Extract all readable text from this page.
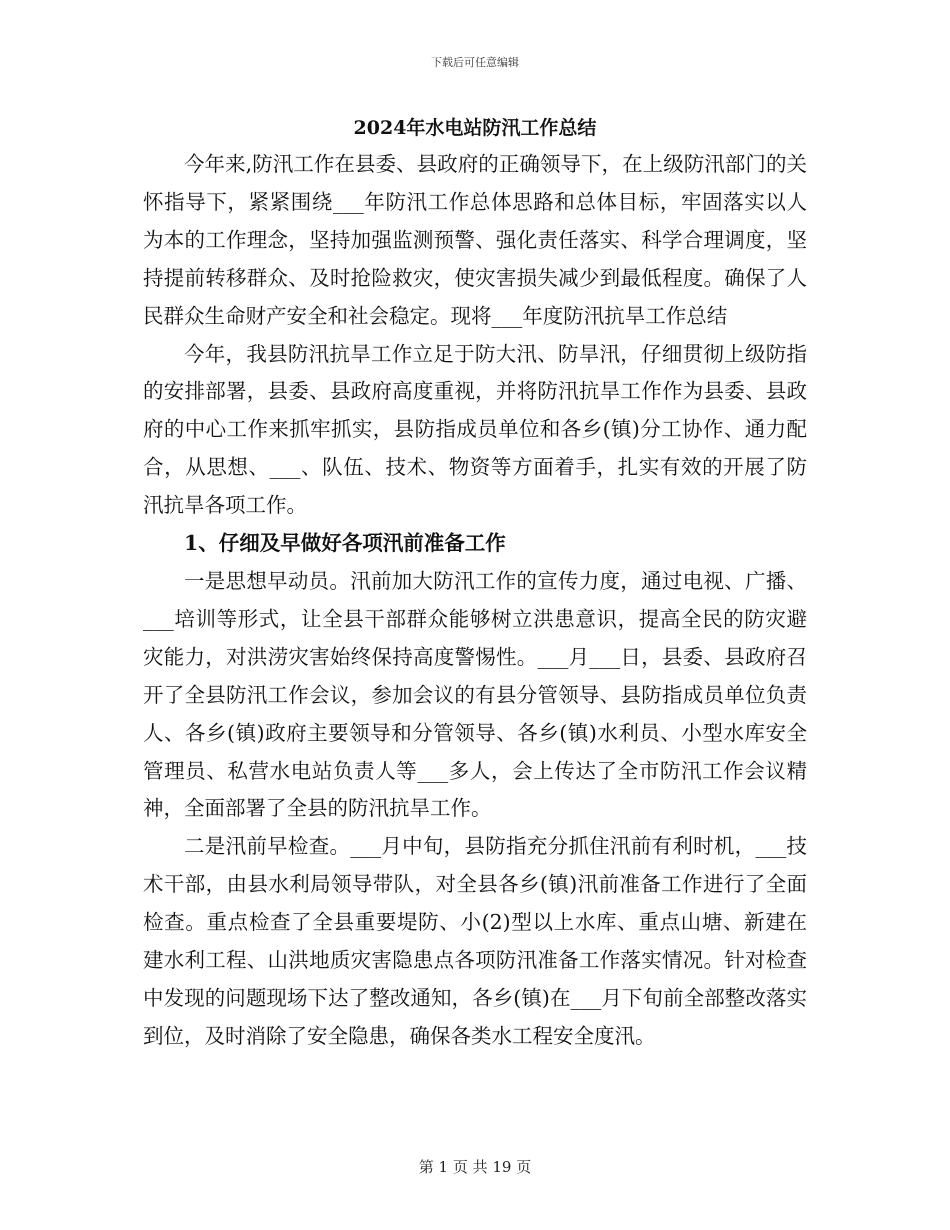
下载后可任意编辑
2024年水电站防汛工作总结

今年来,防汛工作在县委、县政府的正确领导下，在上级防汛部门的关怀指导下，紧紧围绕___年防汛工作总体思路和总体目标，牢固落实以人为本的工作理念，坚持加强监测预警、强化责任落实、科学合理调度，坚持提前转移群众、及时抢险救灾，使灾害损失减少到最低程度。确保了人民群众生命财产安全和社会稳定。现将___年度防汛抗旱工作总结

今年，我县防汛抗旱工作立足于防大汛、防旱汛，仔细贯彻上级防指的安排部署，县委、县政府高度重视，并将防汛抗旱工作作为县委、县政府的中心工作来抓牢抓实，县防指成员单位和各乡(镇)分工协作、通力配合，从思想、___、队伍、技术、物资等方面着手，扎实有效的开展了防汛抗旱各项工作。

1、仔细及早做好各项汛前准备工作

一是思想早动员。汛前加大防汛工作的宣传力度，通过电视、广播、___培训等形式，让全县干部群众能够树立洪患意识，提高全民的防灾避灾能力，对洪涝灾害始终保持高度警惕性。___月___日，县委、县政府召开了全县防汛工作会议，参加会议的有县分管领导、县防指成员单位负责人、各乡(镇)政府主要领导和分管领导、各乡(镇)水利员、小型水库安全管理员、私营水电站负责人等___多人，会上传达了全市防汛工作会议精神，全面部署了全县的防汛抗旱工作。

二是汛前早检查。___月中旬，县防指充分抓住汛前有利时机，___技术干部，由县水利局领导带队，对全县各乡(镇)汛前准备工作进行了全面检查。重点检查了全县重要堤防、小(2)型以上水库、重点山塘、新建在建水利工程、山洪地质灾害隐患点各项防汛准备工作落实情况。针对检查中发现的问题现场下达了整改通知，各乡(镇)在___月下旬前全部整改落实到位，及时消除了安全隐患，确保各类水工程安全度汛。

第 1 页 共 19 页
